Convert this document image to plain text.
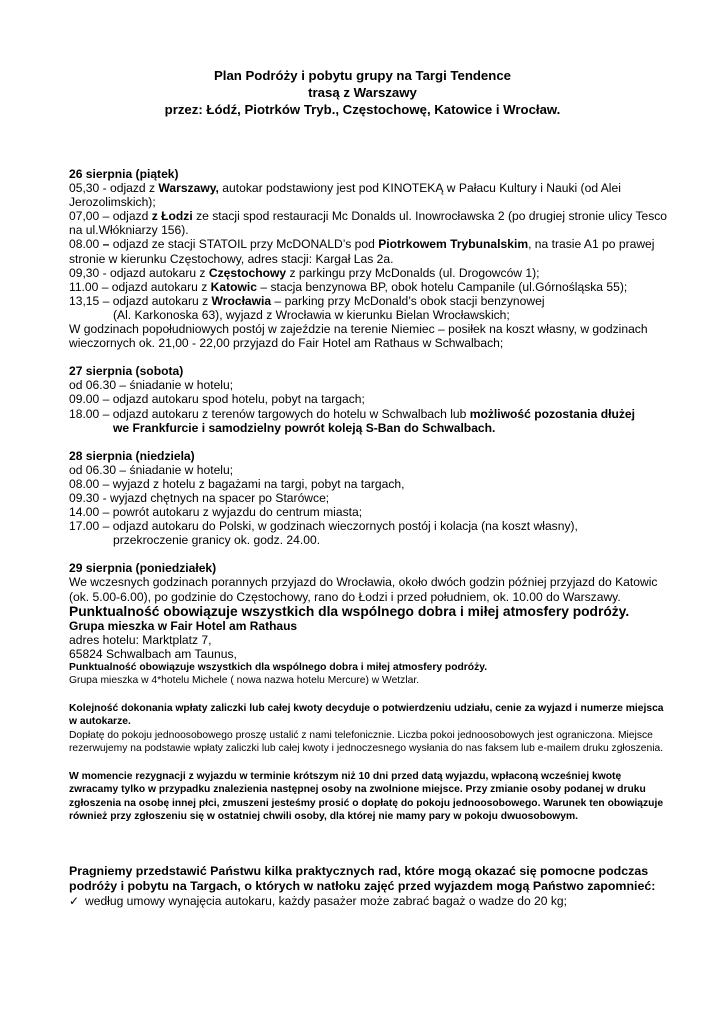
Plan Podróży i pobytu grupy na Targi Tendence
trasą z Warszawy
przez: Łódź, Piotrków Tryb., Częstochowę, Katowice i Wrocław.

26 sierpnia (piątek)

05,30 - odjazd z Warszawy, autokar podstawiony jest pod KINOTEKĄ w Pałacu Kultury i Nauki (od Alei Jerozolimskich);

07,00 – odjazd z Łodzi ze stacji spod restauracji Mc Donalds ul. Inowrocławska 2 (po drugiej stronie ulicy Tesco na ul.Włókniarzy 156).

08.00 – odjazd ze stacji STATOIL przy McDONALD’s pod Piotrkowem Trybunalskim, na trasie A1 po prawej stronie w kierunku Częstochowy, adres stacji: Kargał Las 2a.

09,30 - odjazd autokaru z Częstochowy z parkingu przy McDonalds (ul. Drogowców 1);

11.00 – odjazd autokaru z Katowic – stacja benzynowa BP, obok hotelu Campanile (ul.Górnośląska 55);

13,15 – odjazd autokaru z Wrocławia – parking przy McDonald’s obok stacji benzynowej

(Al. Karkonoska 63), wyjazd z Wrocławia w kierunku Bielan Wrocławskich;

W godzinach popołudniowych postój w zajeździe na terenie Niemiec – posiłek na koszt własny, w godzinach wieczornych ok. 21,00 - 22,00 przyjazd do Fair Hotel am Rathaus w Schwalbach;

27 sierpnia (sobota)

od 06.30 – śniadanie w hotelu;

09.00 – odjazd autokaru spod hotelu, pobyt na targach;

18.00 – odjazd autokaru z terenów targowych do hotelu w Schwalbach lub możliwość pozostania dłużej

we Frankfurcie i samodzielny powrót koleją S-Ban do Schwalbach.

28 sierpnia (niedziela)

od 06.30 – śniadanie w hotelu;

08.00 – wyjazd z hotelu z bagażami na targi, pobyt na targach,

09.30 - wyjazd chętnych na spacer po Starówce;

14.00 – powrót autokaru z wyjazdu do centrum miasta;

17.00 – odjazd autokaru do Polski, w godzinach wieczornych postój i kolacja (na koszt własny),

przekroczenie granicy ok. godz. 24.00.

29 sierpnia (poniedziałek)

We wczesnych godzinach porannych przyjazd do Wrocławia, około dwóch godzin później przyjazd do Katowic (ok. 5.00-6.00), po godzinie do Częstochowy, rano do Łodzi i przed południem, ok. 10.00 do Warszawy.

Punktualność obowiązuje wszystkich dla wspólnego dobra i miłej atmosfery podróży.

Grupa mieszka w Fair Hotel am Rathaus

adres hotelu: Marktplatz 7,

65824 Schwalbach am Taunus,

Punktualność obowiązuje wszystkich dla wspólnego dobra i miłej atmosfery podróży.

Grupa mieszka w 4*hotelu Michele ( nowa nazwa hotelu Mercure) w Wetzlar.

Kolejność dokonania wpłaty zaliczki lub całej kwoty decyduje o potwierdzeniu udziału, cenie za wyjazd i numerze miejsca w autokarze.

Dopłatę do pokoju jednoosobowego proszę ustalić z nami telefonicznie. Liczba pokoi jednoosobowych jest ograniczona. Miejsce rezerwujemy na podstawie wpłaty zaliczki lub całej kwoty i jednoczesnego wysłania do nas faksem lub e-mailem druku zgłoszenia.

W momencie rezygnacji z wyjazdu w terminie krótszym niż 10 dni przed datą wyjazdu, wpłaconą wcześniej kwotę zwracamy tylko w przypadku znalezienia następnej osoby na zwolnione miejsce. Przy zmianie osoby podanej w druku zgłoszenia na osobę innej płci, zmuszeni jesteśmy prosić o dopłatę do pokoju jednoosobowego. Warunek ten obowiązuje również przy zgłoszeniu się w ostatniej chwili osoby, dla której nie mamy pary w pokoju dwuosobowym.

Pragniemy przedstawić Państwu kilka praktycznych rad, które mogą okazać się pomocne podczas podróży i pobytu na Targach, o których w natłoku zajęć przed wyjazdem mogą Państwo zapomnieć:

✓ według umowy wynajęcia autokaru, każdy pasażer może zabrać bagaż o wadze do 20 kg;
